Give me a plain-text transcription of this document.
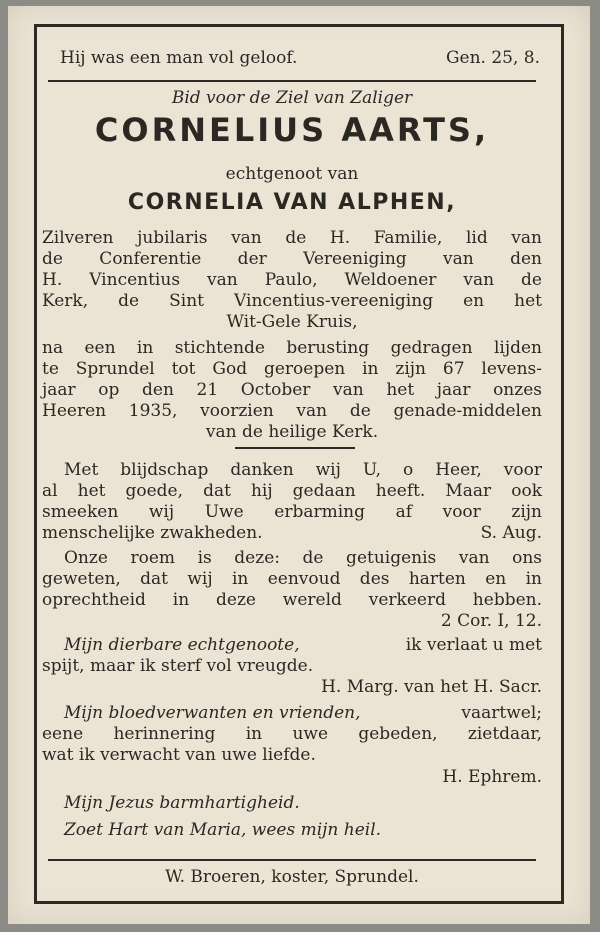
Hij was een man vol geloof.	Gen. 25, 8.
Bid voor de Ziel van Zaliger
CORNELIUS AARTS,
echtgenoot van
CORNELIA VAN ALPHEN,
Zilveren jubilaris van de H. Familie, lid van
de Conferentie der Vereeniging van den
H. Vincentius van Paulo, Weldoener van de
Kerk, de Sint Vincentius-vereeniging en het
Wit-Gele Kruis,
na een in stichtende berusting gedragen lijden
te Sprundel tot God geroepen in zijn 67 levens-
jaar op den 21 October van het jaar onzes
Heeren 1935, voorzien van de genade-middelen
van de heilige Kerk.
Met blijdschap danken wij U, o Heer, voor
al het goede, dat hij gedaan heeft. Maar ook
smeeken wij Uwe erbarming af voor zijn
menschelijke zwakheden.	S. Aug.
Onze roem is deze: de getuigenis van ons
geweten, dat wij in eenvoud des harten en in
oprechtheid in deze wereld verkeerd hebben.
2 Cor. I, 12.
Mijn dierbare echtgenoote,	ik verlaat u met
spijt, maar ik sterf vol vreugde.
H. Marg. van het H. Sacr.
Mijn bloedverwanten en vrienden,	vaartwel;
eene herinnering in uwe gebeden, zietdaar,
wat ik verwacht van uwe liefde.
H. Ephrem.
Mijn Jezus barmhartigheid.
Zoet Hart van Maria, wees mijn heil.
W. Broeren, koster, Sprundel.
